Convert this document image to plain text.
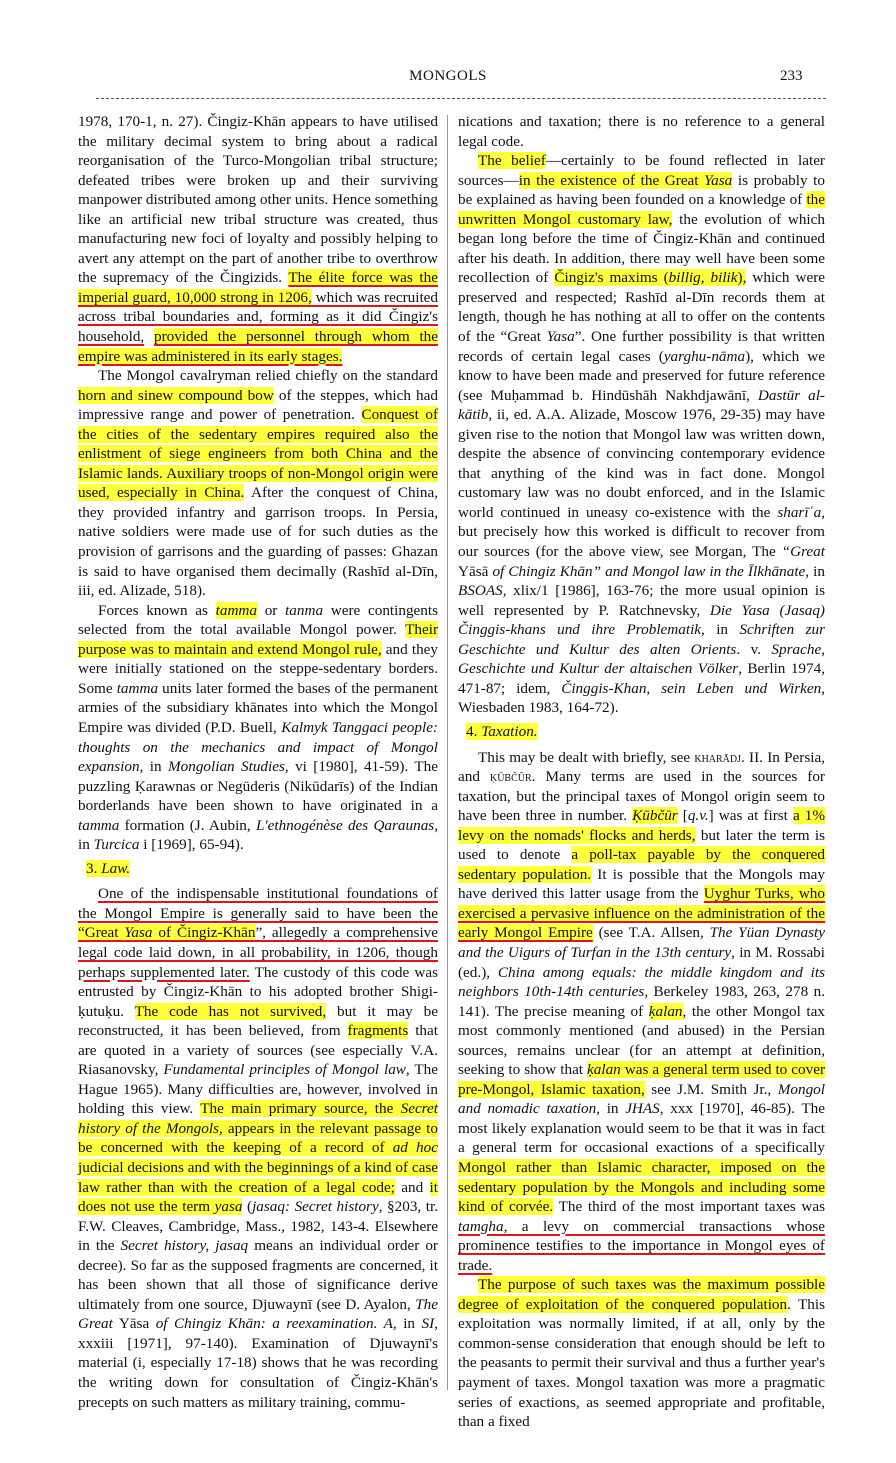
MONGOLS	233

1978, 170-1, n. 27). Čingiz-Khān appears to have utilised the military decimal system to bring about a radical reorganisation of the Turco-Mongolian tribal structure; defeated tribes were broken up and their surviving manpower distributed among other units. Hence something like an artificial new tribal structure was created, thus manufacturing new foci of loyalty and possibly helping to avert any attempt on the part of another tribe to overthrow the supremacy of the Čingizids. The élite force was the imperial guard, 10,000 strong in 1206, which was recruited across tribal boundaries and, forming as it did Čingiz's household, provided the personnel through whom the empire was administered in its early stages.

The Mongol cavalryman relied chiefly on the standard horn and sinew compound bow of the steppes, which had impressive range and power of penetration. Conquest of the cities of the sedentary empires required also the enlistment of siege engineers from both China and the Islamic lands. Auxiliary troops of non-Mongol origin were used, especially in China. After the conquest of China, they provided infantry and garrison troops. In Persia, native soldiers were made use of for such duties as the provision of garrisons and the guarding of passes: Ghazan is said to have organised them decimally (Rashīd al-Dīn, iii, ed. Alizade, 518).

Forces known as tamma or tanma were contingents selected from the total available Mongol power. Their purpose was to maintain and extend Mongol rule, and they were initially stationed on the steppe-sedentary borders. Some tamma units later formed the bases of the permanent armies of the subsidiary khānates into which the Mongol Empire was divided (P.D. Buell, Kalmyk Tanggaci people: thoughts on the mechanics and impact of Mongol expansion, in Mongolian Studies, vi [1980], 41-59). The puzzling Ḳarawnas or Negüderis (Nikūdarīs) of the Indian borderlands have been shown to have originated in a tamma formation (J. Aubin, L'ethnogénèse des Qaraunas, in Turcica i [1969], 65-94).

3. Law.

One of the indispensable institutional foundations of the Mongol Empire is generally said to have been the “Great Yasa of Čingiz-Khān”, allegedly a comprehensive legal code laid down, in all probability, in 1206, though perhaps supplemented later. The custody of this code was entrusted by Čingiz-Khān to his adopted brother Shigi-ḳutuḳu. The code has not survived, but it may be reconstructed, it has been believed, from fragments that are quoted in a variety of sources (see especially V.A. Riasanovsky, Fundamental principles of Mongol law, The Hague 1965). Many difficulties are, however, involved in holding this view. The main primary source, the Secret history of the Mongols, appears in the relevant passage to be concerned with the keeping of a record of ad hoc judicial decisions and with the beginnings of a kind of case law rather than with the creation of a legal code; and it does not use the term yasa (jasaq: Secret history, §203, tr. F.W. Cleaves, Cambridge, Mass., 1982, 143-4. Elsewhere in the Secret history, jasaq means an individual order or decree). So far as the supposed fragments are concerned, it has been shown that all those of significance derive ultimately from one source, Djuwaynī (see D. Ayalon, The Great Yāsa of Chingiz Khān: a reexamination. A, in SI, xxxiii [1971], 97-140). Examination of Djuwaynī's material (i, especially 17-18) shows that he was recording the writing down for consultation of Čingiz-Khān's precepts on such matters as military training, commu-

nications and taxation; there is no reference to a general legal code.

The belief—certainly to be found reflected in later sources—in the existence of the Great Yasa is probably to be explained as having been founded on a knowledge of the unwritten Mongol customary law, the evolution of which began long before the time of Čingiz-Khān and continued after his death. In addition, there may well have been some recollection of Čingiz's maxims (billig, bilik), which were preserved and respected; Rashīd al-Dīn records them at length, though he has nothing at all to offer on the contents of the “Great Yasa”. One further possibility is that written records of certain legal cases (yarghu-nāma), which we know to have been made and preserved for future reference (see Muḥammad b. Hindūshāh Nakhdjawānī, Dastūr al-kātib, ii, ed. A.A. Alizade, Moscow 1976, 29-35) may have given rise to the notion that Mongol law was written down, despite the absence of convincing contemporary evidence that anything of the kind was in fact done. Mongol customary law was no doubt enforced, and in the Islamic world continued in uneasy co-existence with the sharīʿa, but precisely how this worked is difficult to recover from our sources (for the above view, see Morgan, The “Great Yāsā of Chingiz Khān” and Mongol law in the Īlkhānate, in BSOAS, xlix/1 [1986], 163-76; the more usual opinion is well represented by P. Ratchnevsky, Die Yasa (Jasaq) Činggis-khans und ihre Problematik, in Schriften zur Geschichte und Kultur des alten Orients. v. Sprache, Geschichte und Kultur der altaischen Völker, Berlin 1974, 471-87; idem, Činggis-Khan, sein Leben und Wirken, Wiesbaden 1983, 164-72).

4. Taxation.

This may be dealt with briefly, see kharādj. II. In Persia, and ḳūbčūr. Many terms are used in the sources for taxation, but the principal taxes of Mongol origin seem to have been three in number. Ḳūbčūr [q.v.] was at first a 1% levy on the nomads' flocks and herds, but later the term is used to denote a poll-tax payable by the conquered sedentary population. It is possible that the Mongols may have derived this latter usage from the Uyghur Turks, who exercised a pervasive influence on the administration of the early Mongol Empire (see T.A. Allsen, The Yüan Dynasty and the Uigurs of Turfan in the 13th century, in M. Rossabi (ed.), China among equals: the middle kingdom and its neighbors 10th-14th centuries, Berkeley 1983, 263, 278 n. 141). The precise meaning of ḳalan, the other Mongol tax most commonly mentioned (and abused) in the Persian sources, remains unclear (for an attempt at definition, seeking to show that ḳalan was a general term used to cover pre-Mongol, Islamic taxation, see J.M. Smith Jr., Mongol and nomadic taxation, in JHAS, xxx [1970], 46-85). The most likely explanation would seem to be that it was in fact a general term for occasional exactions of a specifically Mongol rather than Islamic character, imposed on the sedentary population by the Mongols and including some kind of corvée. The third of the most important taxes was tamgha, a levy on commercial transactions whose prominence testifies to the importance in Mongol eyes of trade.

The purpose of such taxes was the maximum possible degree of exploitation of the conquered population. This exploitation was normally limited, if at all, only by the common-sense consideration that enough should be left to the peasants to permit their survival and thus a further year's payment of taxes. Mongol taxation was more a pragmatic series of exactions, as seemed appropriate and profitable, than a fixed
